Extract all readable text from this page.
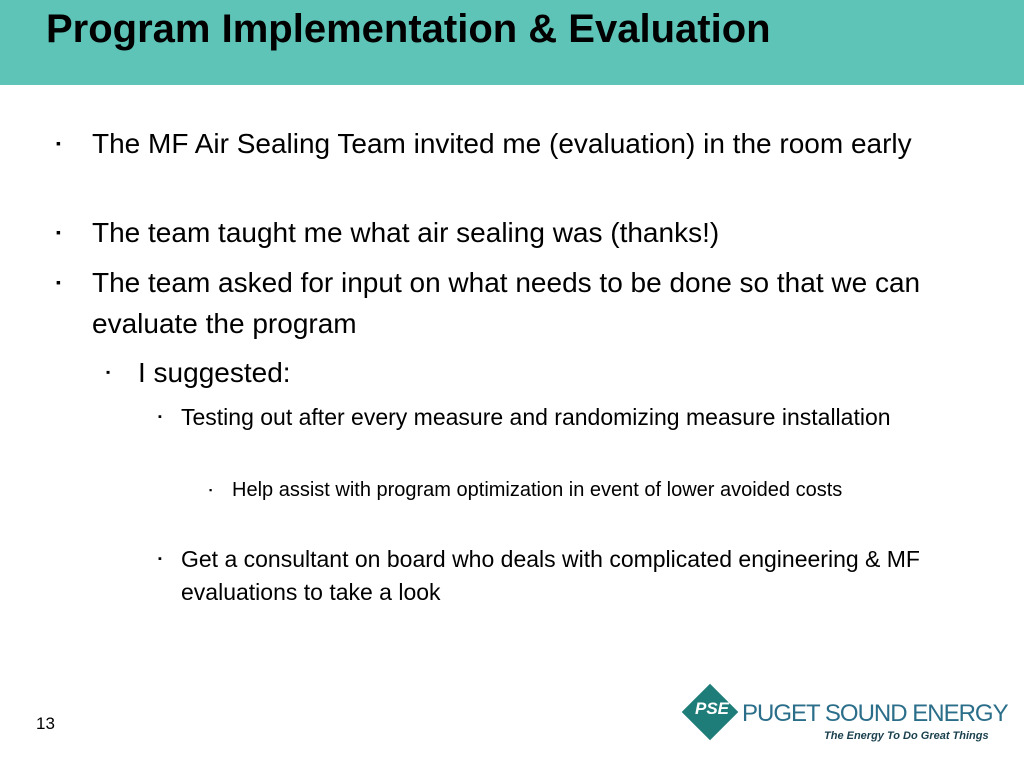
Program Implementation & Evaluation
▪ The MF Air Sealing Team invited me (evaluation) in the room early
▪ The team taught me what air sealing was (thanks!)
▪ The team asked for input on what needs to be done so that we can evaluate the program
▪ I suggested:
▪ Testing out after every measure and randomizing measure installation
▪ Help assist with program optimization in event of lower avoided costs
▪ Get a consultant on board who deals with complicated engineering & MF evaluations to take a look
13
PSE PUGET SOUND ENERGY
The Energy To Do Great Things
